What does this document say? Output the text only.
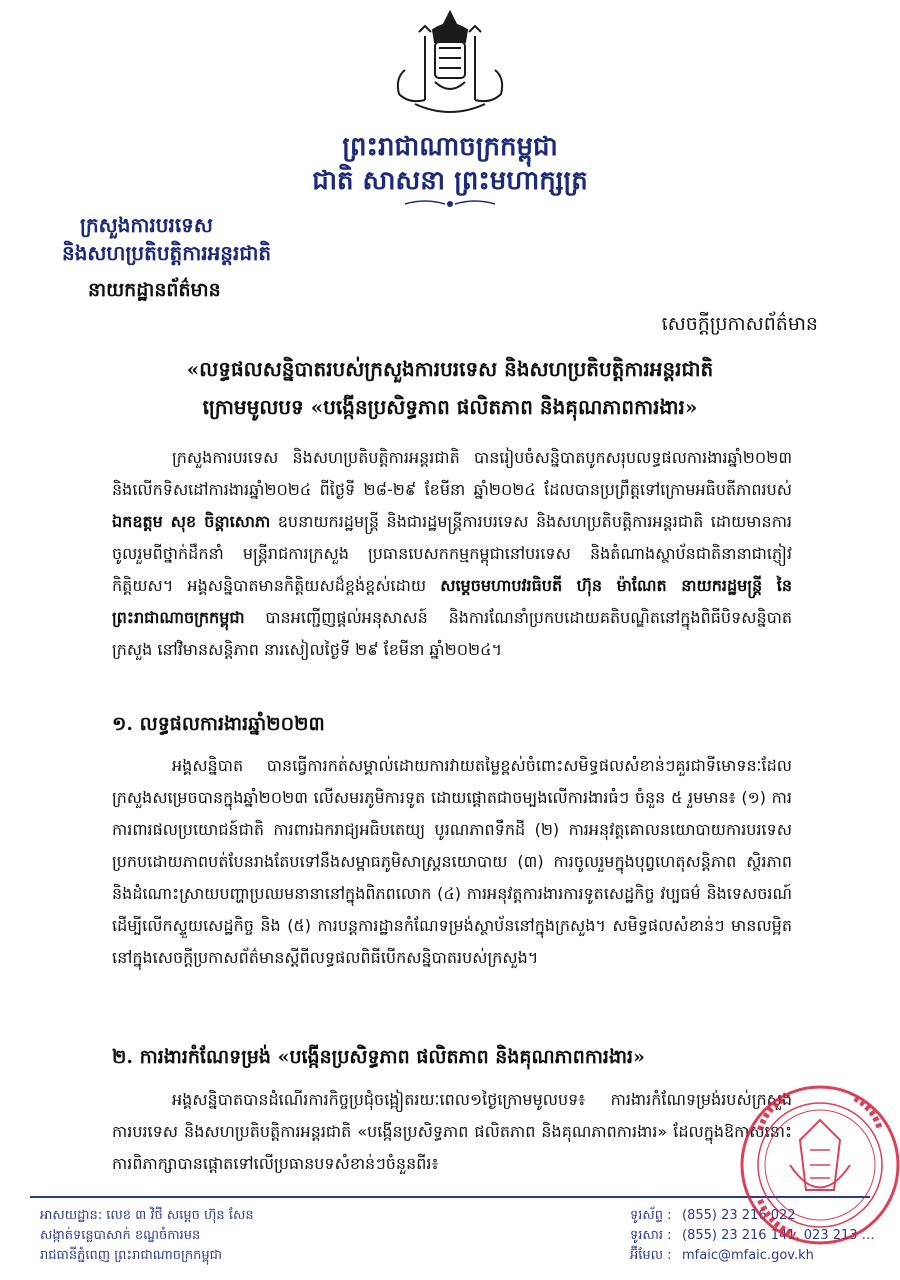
ព្រះរាជាណាចក្រកម្ពុជា
ជាតិ សាសនា ព្រះមហាក្សត្រ
ក្រសួងការបរទេស
និងសហប្រតិបត្តិការអន្តរជាតិ
នាយកដ្ឋានព័ត៌មាន
សេចក្តីប្រកាសព័ត៌មាន
«លទ្ធផលសន្និបាតរបស់ក្រសួងការបរទេស និងសហប្រតិបត្តិការអន្តរជាតិ
ក្រោមមូលបទ «បង្កើនប្រសិទ្ធភាព ផលិតភាព និងគុណភាពការងារ»
ក្រសួងការបរទេស និងសហប្រតិបត្តិការអន្តរជាតិ បានរៀបចំសន្និបាតបូកសរុបលទ្ធផលការងារឆ្នាំ២០២៣ និងលើកទិសដៅការងារឆ្នាំ២០២៤ ពីថ្ងៃទី ២៨-២៩ ខែមីនា ឆ្នាំ២០២៤ ដែលបានប្រព្រឹត្តទៅក្រោមអធិបតីភាពរបស់ ឯកឧត្តម សុខ ចិន្តាសោភា ឧបនាយករដ្ឋមន្ត្រី និងជារដ្ឋមន្ត្រីការបរទេស និងសហប្រតិបត្តិការអន្តរជាតិ ដោយមានការចូលរួមពីថ្នាក់ដឹកនាំ មន្ត្រីរាជការក្រសួង ប្រធានបេសកកម្មកម្ពុជានៅបរទេស និងតំណាងស្ថាប័នជាតិនានាជាភ្ញៀវកិត្តិយស។ អង្គសន្និបាតមានកិត្តិយសដ៏ខ្ពង់ខ្ពស់ដោយ សម្តេចមហាបវរធិបតី ហ៊ុន ម៉ាណែត នាយករដ្ឋមន្ត្រី នៃព្រះរាជាណាចក្រកម្ពុជា បានអញ្ជើញផ្តល់អនុសាសន៍ និងការណែនាំប្រកបដោយគតិបណ្ឌិតនៅក្នុងពិធីបិទសន្និបាតក្រសួង នៅវិមានសន្តិភាព នារសៀលថ្ងៃទី ២៩ ខែមីនា ឆ្នាំ២០២៤។
១. លទ្ធផលការងារឆ្នាំ២០២៣
អង្គសន្និបាត បានធ្វើការកត់សម្គាល់ដោយការវាយតម្លៃខ្ពស់ចំពោះសមិទ្ធផលសំខាន់ៗគួរជាទីមោទនៈដែលក្រសួងសម្រេចបានក្នុងឆ្នាំ២០២៣ លើសមរភូមិការទូត ដោយផ្តោតជាចម្បងលើការងារធំៗ ចំនួន ៥ រួមមាន៖ (១) ការការពារផលប្រយោជន៍ជាតិ ការពារឯករាជ្យអធិបតេយ្យ បូរណភាពទឹកដី (២) ការអនុវត្តគោលនយោបាយការបរទេសប្រកបដោយភាពបត់បែនរាងតែបទៅនឹងសម្ពាធភូមិសាស្រ្តនយោបាយ (៣) ការចូលរួមក្នុងបុព្វហេតុសន្តិភាព ស្ថិរភាព និងដំណោះស្រាយបញ្ហាប្រឈមនានានៅក្នុងពិភពលោក (៤) ការអនុវត្តការងារការទូតសេដ្ឋកិច្ច វប្បធម៌ និងទេសចរណ៍ដើម្បីលើកស្ទួយសេដ្ឋកិច្ច និង (៥) ការបន្តការដ្ឋានកំណែទម្រង់ស្ថាប័ននៅក្នុងក្រសួង។ សមិទ្ធផលសំខាន់ៗ មានលម្អិតនៅក្នុងសេចក្តីប្រកាសព័ត៌មានស្តីពីលទ្ធផលពិធីបើកសន្និបាតរបស់ក្រសួង។
២. ការងារកំណែទម្រង់ «បង្កើនប្រសិទ្ធភាព ផលិតភាព និងគុណភាពការងារ»
អង្គសន្និបាតបានដំណើរការកិច្ចប្រជុំចង្អៀតរយៈពេល១ថ្ងៃក្រោមមូលបទ៖ ការងារកំណែទម្រង់របស់ក្រសួងការបរទេស និងសហប្រតិបត្តិការអន្តរជាតិ «បង្កើនប្រសិទ្ធភាព ផលិតភាព និងគុណភាពការងារ» ដែលក្នុងឱកាសនោះ ការពិភាក្សាបានផ្តោតទៅលើប្រធានបទសំខាន់ៗចំនួនពីរ៖
អាសយដ្ឋាន: លេខ ៣ វិថី សម្តេច ហ៊ុន សែន
សង្កាត់ទន្លេបាសាក់ ខណ្ឌចំការមន
រាជធានីភ្នំពេញ ព្រះរាជាណាចក្រកម្ពុជា
ទូរស័ព្ទ : (855) 23 216 022
ទូរសារ : (855) 23 216 141, 023 213 …
អ៊ីមែល : mfaic@mfaic.gov.kh
